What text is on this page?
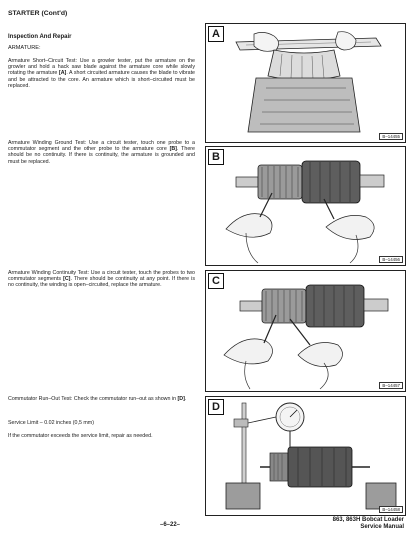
STARTER (Cont'd)
Inspection And Repair
ARMATURE:
Armature Short–Circuit Test: Use a growler tester, put the armature on the growler and hold a hack saw blade against the armature core while slowly rotating the armature [A]. A short circuited armature causes the blade to vibrate and be attracted to the core. An armature which is short–circuited must be replaced.
Armature Winding Ground Test: Use a circuit tester, touch one probe to a commutator segment and the other probe to the armature core [B]. There should be no continuity. If there is continuity, the armature is grounded and must be replaced.
Armature Winding Continuity Test: Use a circuit tester, touch the probes to two commutator segments [C]. There should be continuity at any point. If there is no continuity, the winding is open–circuited, replace the armature.
Commutator Run–Out Test: Check the commutator run–out as shown in [D].
Service Limit – 0.02 inches (0,5 mm)
If the commutator exceeds the service limit, repair as needed.
A
B–14455
B
B–14456
C
B–14457
D
B–14458
–6–22–
863, 863H Bobcat Loader
Service Manual
